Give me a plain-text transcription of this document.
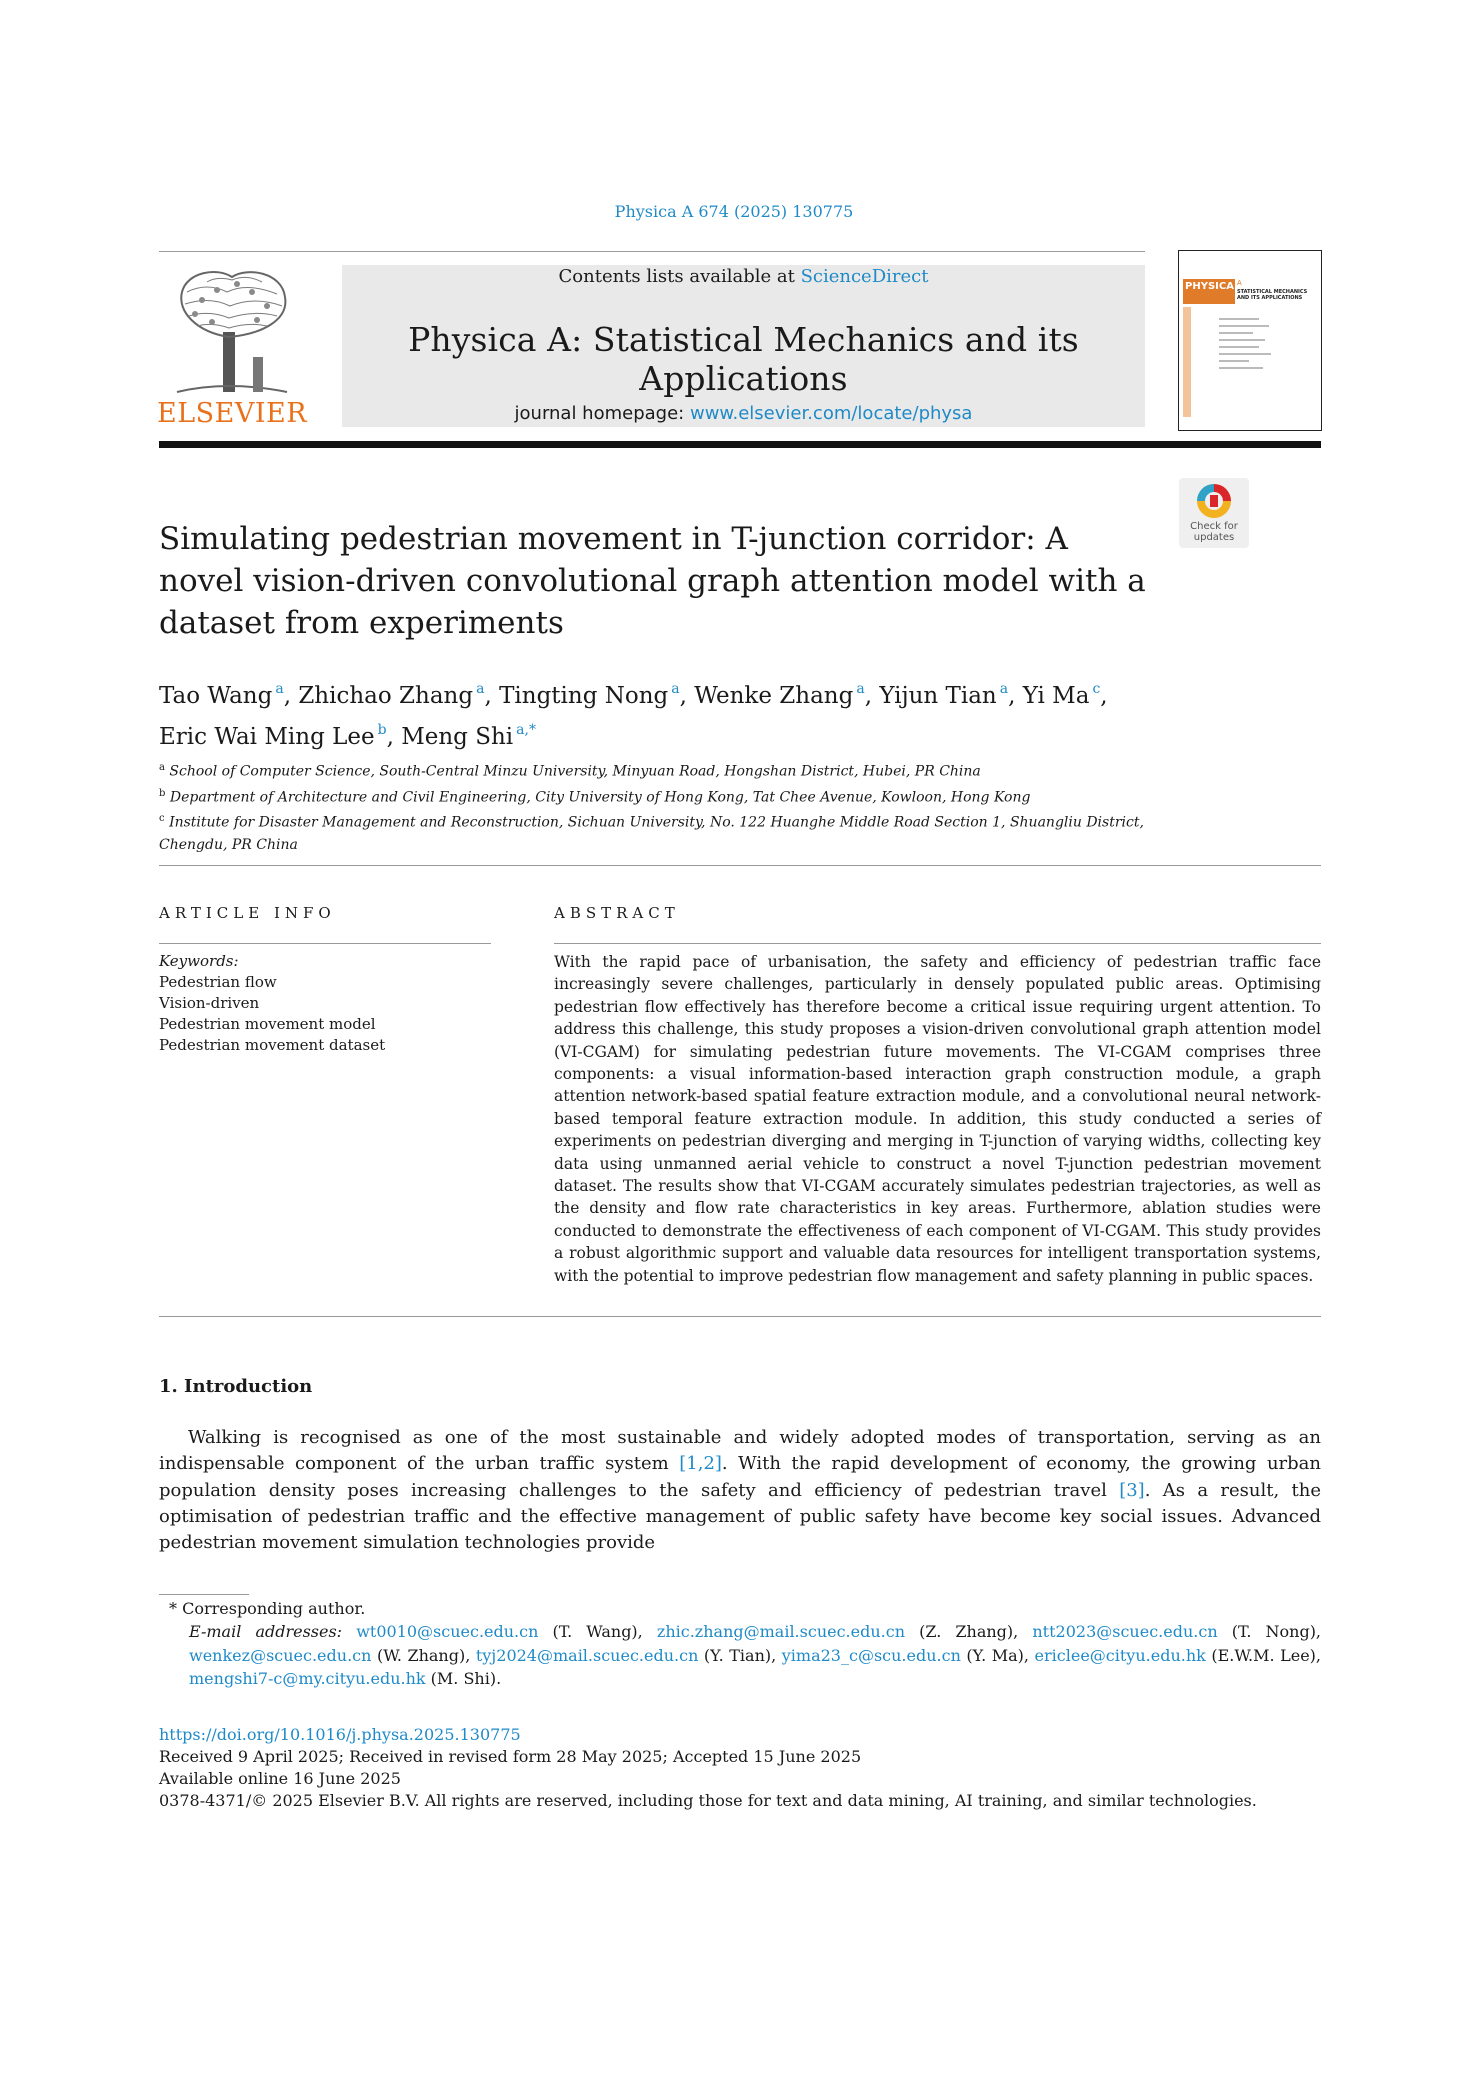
Physica A 674 (2025) 130775
ELSEVIER
Contents lists available at ScienceDirect
Physica A: Statistical Mechanics and its Applications
journal homepage: www.elsevier.com/locate/physa
PHYSICA A
STATISTICAL MECHANICS AND ITS APPLICATIONS
Check for
updates
Simulating pedestrian movement in T-junction corridor: A novel vision-driven convolutional graph attention model with a dataset from experiments
Tao Wang $^a$, Zhichao Zhang $^a$, Tingting Nong $^a$, Wenke Zhang $^a$, Yijun Tian $^a$, Yi Ma $^c$,
Eric Wai Ming Lee $^b$, Meng Shi $^{a,*}$
$^a$ School of Computer Science, South-Central Minzu University, Minyuan Road, Hongshan District, Hubei, PR China
$^b$ Department of Architecture and Civil Engineering, City University of Hong Kong, Tat Chee Avenue, Kowloon, Hong Kong
$^c$ Institute for Disaster Management and Reconstruction, Sichuan University, No. 122 Huanghe Middle Road Section 1, Shuangliu District, Chengdu, PR China
ARTICLE INFO
Keywords:
Pedestrian flow
Vision-driven
Pedestrian movement model
Pedestrian movement dataset
ABSTRACT
With the rapid pace of urbanisation, the safety and efficiency of pedestrian traffic face increasingly severe challenges, particularly in densely populated public areas. Optimising pedestrian flow effectively has therefore become a critical issue requiring urgent attention. To address this challenge, this study proposes a vision-driven convolutional graph attention model (VI-CGAM) for simulating pedestrian future movements. The VI-CGAM comprises three components: a visual information-based interaction graph construction module, a graph attention network-based spatial feature extraction module, and a convolutional neural network-based temporal feature extraction module. In addition, this study conducted a series of experiments on pedestrian diverging and merging in T-junction of varying widths, collecting key data using unmanned aerial vehicle to construct a novel T-junction pedestrian movement dataset. The results show that VI-CGAM accurately simulates pedestrian trajectories, as well as the density and flow rate characteristics in key areas. Furthermore, ablation studies were conducted to demonstrate the effectiveness of each component of VI-CGAM. This study provides a robust algorithmic support and valuable data resources for intelligent transportation systems, with the potential to improve pedestrian flow management and safety planning in public spaces.
1. Introduction
Walking is recognised as one of the most sustainable and widely adopted modes of transportation, serving as an indispensable component of the urban traffic system [1,2]. With the rapid development of economy, the growing urban population density poses increasing challenges to the safety and efficiency of pedestrian travel [3]. As a result, the optimisation of pedestrian traffic and the effective management of public safety have become key social issues. Advanced pedestrian movement simulation technologies provide
* Corresponding author.
E-mail addresses: wt0010@scuec.edu.cn (T. Wang), zhic.zhang@mail.scuec.edu.cn (Z. Zhang), ntt2023@scuec.edu.cn (T. Nong), wenkez@scuec.edu.cn (W. Zhang), tyj2024@mail.scuec.edu.cn (Y. Tian), yima23_c@scu.edu.cn (Y. Ma), ericlee@cityu.edu.hk (E.W.M. Lee), mengshi7-c@my.cityu.edu.hk (M. Shi).
https://doi.org/10.1016/j.physa.2025.130775
Received 9 April 2025; Received in revised form 28 May 2025; Accepted 15 June 2025
Available online 16 June 2025
0378-4371/© 2025 Elsevier B.V. All rights are reserved, including those for text and data mining, AI training, and similar technologies.
